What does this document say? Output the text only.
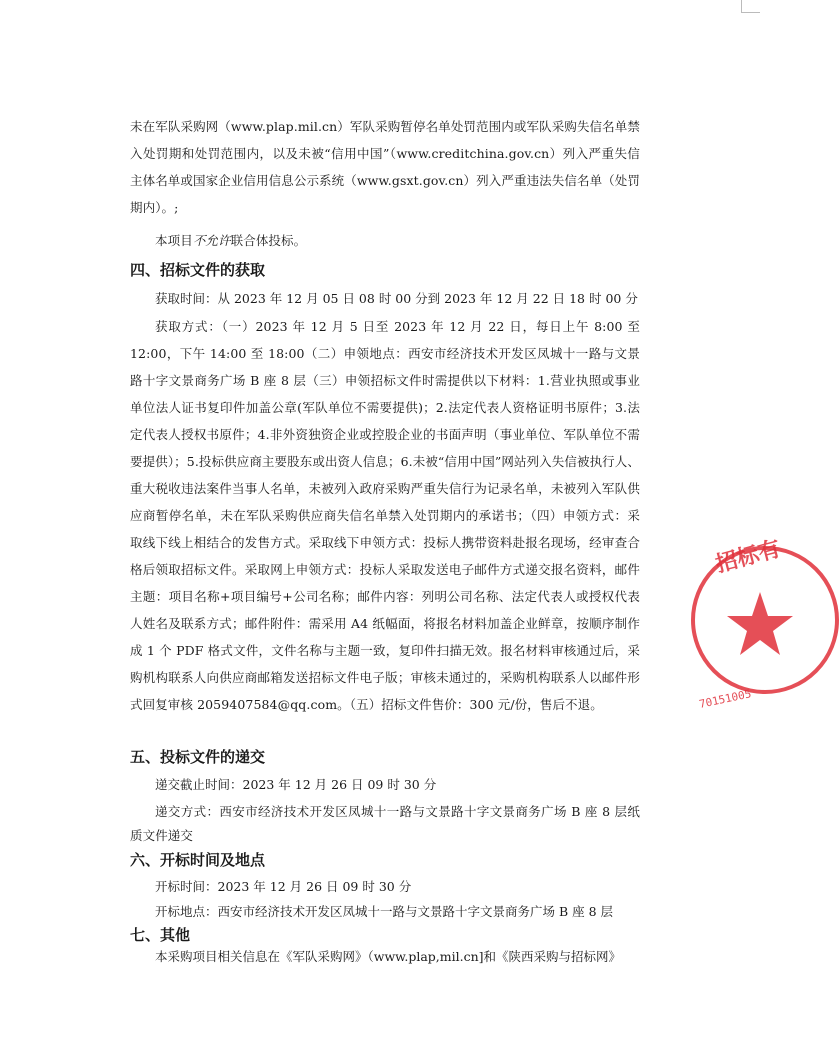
未在军队采购网（www.plap.mil.cn）军队采购暂停名单处罚范围内或军队采购失信名单禁入处罚期和处罚范围内，以及未被“信用中国”（www.creditchina.gov.cn）列入严重失信主体名单或国家企业信用信息公示系统（www.gsxt.gov.cn）列入严重违法失信名单（处罚期内）。;
本项目不允许联合体投标。
四、招标文件的获取
获取时间：从 2023 年 12 月 05 日 08 时 00 分到 2023 年 12 月 22 日 18 时 00 分
获取方式：（一）2023 年 12 月 5 日至 2023 年 12 月 22 日，每日上午 8:00 至 12:00，下午 14:00 至 18:00（二）申领地点：西安市经济技术开发区凤城十一路与文景路十字文景商务广场 B 座 8 层（三）申领招标文件时需提供以下材料：1.营业执照或事业单位法人证书复印件加盖公章(军队单位不需要提供)；2.法定代表人资格证明书原件；3.法定代表人授权书原件；4.非外资独资企业或控股企业的书面声明（事业单位、军队单位不需要提供）；5.投标供应商主要股东或出资人信息；6.未被“信用中国”网站列入失信被执行人、重大税收违法案件当事人名单，未被列入政府采购严重失信行为记录名单，未被列入军队供应商暂停名单，未在军队采购供应商失信名单禁入处罚期内的承诺书；（四）申领方式：采取线下线上相结合的发售方式。采取线下申领方式：投标人携带资料赴报名现场，经审查合格后领取招标文件。采取网上申领方式：投标人采取发送电子邮件方式递交报名资料，邮件主题：项目名称+项目编号+公司名称；邮件内容：列明公司名称、法定代表人或授权代表人姓名及联系方式；邮件附件：需采用 A4 纸幅面，将报名材料加盖企业鲜章，按顺序制作成 1 个 PDF 格式文件，文件名称与主题一致，复印件扫描无效。报名材料审核通过后，采购机构联系人向供应商邮箱发送招标文件电子版；审核未通过的，采购机构联系人以邮件形式回复审核 2059407584@qq.com。（五）招标文件售价：300 元/份，售后不退。
五、投标文件的递交
递交截止时间：2023 年 12 月 26 日 09 时 30 分
递交方式：西安市经济技术开发区凤城十一路与文景路十字文景商务广场 B 座 8 层纸质文件递交
六、开标时间及地点
开标时间：2023 年 12 月 26 日 09 时 30 分
开标地点：西安市经济技术开发区凤城十一路与文景路十字文景商务广场 B 座 8 层
七、其他
本采购项目相关信息在《军队采购网》（www.plap,mil.cn]和《陕西采购与招标网》
招标有
70151005
